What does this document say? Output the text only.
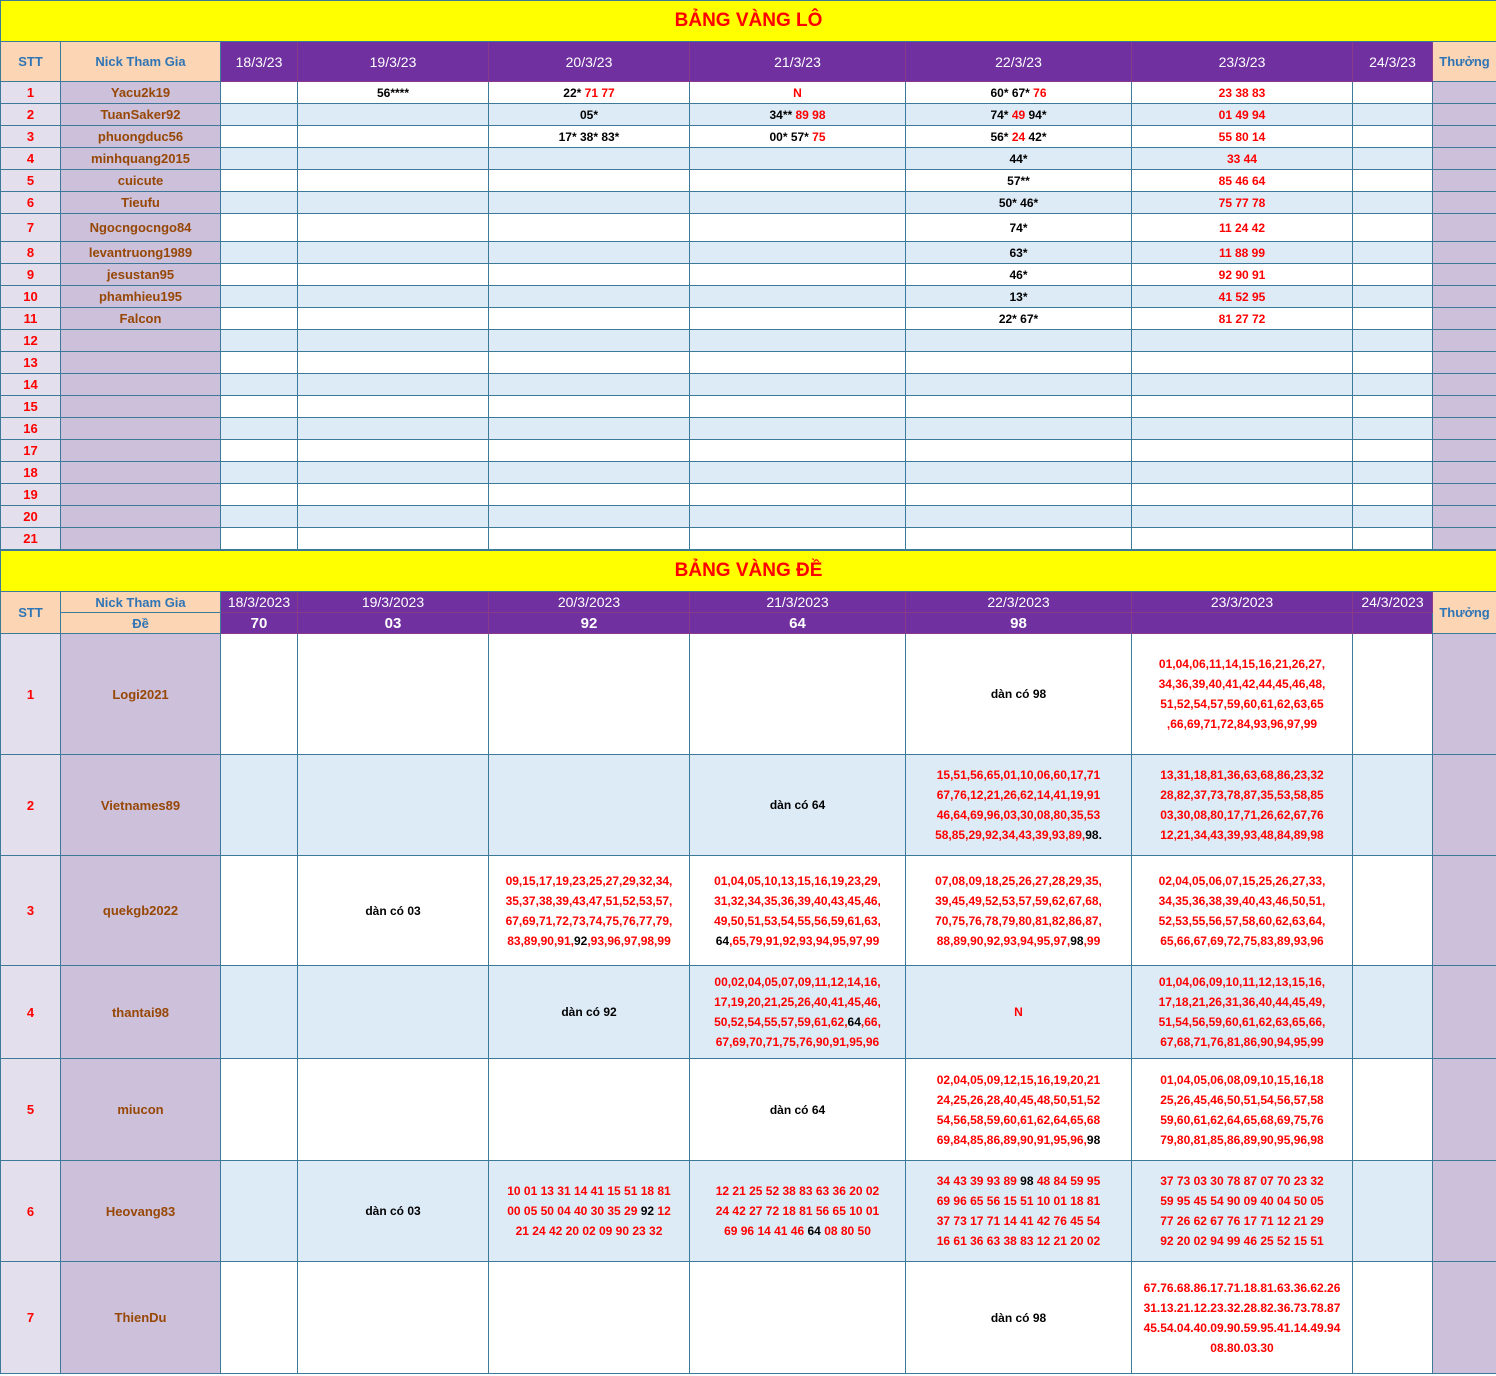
BẢNG VÀNG LÔ									
STT	Nick Tham Gia	18/3/23	19/3/23	20/3/23	21/3/23	22/3/23	23/3/23	24/3/23	Thưởng
1	Yacu2k19		56****	22* 71 77	N	60* 67* 76	23 38 83		
2	TuanSaker92			05*	34** 89 98	74* 49 94*	01 49 94		
3	phuongduc56			17* 38* 83*	00* 57* 75	56* 24 42*	55 80 14		
4	minhquang2015					44*	33 44		
5	cuicute					57**	85 46 64		
6	Tieufu					50* 46*	75 77 78		
7	Ngocngocngo84					74*	11 24 42		
8	levantruong1989					63*	11 88 99		
9	jesustan95					46*	92 90 91		
10	phamhieu195					13*	41 52 95		
11	Falcon					22* 67*	81 27 72		
12									
13									
14									
15									
16									
17									
18									
19									
20									
21									
BẢNG VÀNG ĐỀ									
STT	Nick Tham Gia	18/3/2023	19/3/2023	20/3/2023	21/3/2023	22/3/2023	23/3/2023	24/3/2023	Thưởng
	Đề	70	03	92	64	98			
1	Logi2021					dàn có 98	01,04,06,11,14,15,16,21,26,27,
34,36,39,40,41,42,44,45,46,48,
51,52,54,57,59,60,61,62,63,65
,66,69,71,72,84,93,96,97,99		

2	Vietnames89				dàn có 64	15,51,56,65,01,10,06,60,17,71
67,76,12,21,26,62,14,41,19,91
46,64,69,96,03,30,08,80,35,53
58,85,29,92,34,43,39,93,89,98.	13,31,18,81,36,63,68,86,23,32
28,82,37,73,78,87,35,53,58,85
03,30,08,80,17,71,26,62,67,76
12,21,34,43,39,93,48,84,89,98		

3	quekgb2022		dàn có 03	09,15,17,19,23,25,27,29,32,34,
35,37,38,39,43,47,51,52,53,57,
67,69,71,72,73,74,75,76,77,79,
83,89,90,91,92,93,96,97,98,99	01,04,05,10,13,15,16,19,23,29,
31,32,34,35,36,39,40,43,45,46,
49,50,51,53,54,55,56,59,61,63,
64,65,79,91,92,93,94,95,97,99	07,08,09,18,25,26,27,28,29,35,
39,45,49,52,53,57,59,62,67,68,
70,75,76,78,79,80,81,82,86,87,
88,89,90,92,93,94,95,97,98,99	02,04,05,06,07,15,25,26,27,33,
34,35,36,38,39,40,43,46,50,51,
52,53,55,56,57,58,60,62,63,64,
65,66,67,69,72,75,83,89,93,96		

4	thantai98			dàn có 92	00,02,04,05,07,09,11,12,14,16,
17,19,20,21,25,26,40,41,45,46,
50,52,54,55,57,59,61,62,64,66,
67,69,70,71,75,76,90,91,95,96	N	01,04,06,09,10,11,12,13,15,16,
17,18,21,26,31,36,40,44,45,49,
51,54,56,59,60,61,62,63,65,66,
67,68,71,76,81,86,90,94,95,99		

5	miucon				dàn có 64	02,04,05,09,12,15,16,19,20,21
24,25,26,28,40,45,48,50,51,52
54,56,58,59,60,61,62,64,65,68
69,84,85,86,89,90,91,95,96,98	01,04,05,06,08,09,10,15,16,18
25,26,45,46,50,51,54,56,57,58
59,60,61,62,64,65,68,69,75,76
79,80,81,85,86,89,90,95,96,98		

6	Heovang83		dàn có 03	10 01 13 31 14 41 15 51 18 81
00 05 50 04 40 30 35 29 92 12
21 24 42 20 02 09 90 23 32	12 21 25 52 38 83 63 36 20 02
24 42 27 72 18 81 56 65 10 01
69 96 14 41 46 64 08 80 50	34 43 39 93 89 98 48 84 59 95
69 96 65 56 15 51 10 01 18 81
37 73 17 71 14 41 42 76 45 54
16 61 36 63 38 83 12 21 20 02	37 73 03 30 78 87 07 70 23 32
59 95 45 54 90 09 40 04 50 05
77 26 62 67 76 17 71 12 21 29
92 20 02 94 99 46 25 52 15 51		

7	ThienDu					dàn có 98	67.76.68.86.17.71.18.81.63.36.62.26
31.13.21.12.23.32.28.82.36.73.78.87
45.54.04.40.09.90.59.95.41.14.49.94
08.80.03.30		
